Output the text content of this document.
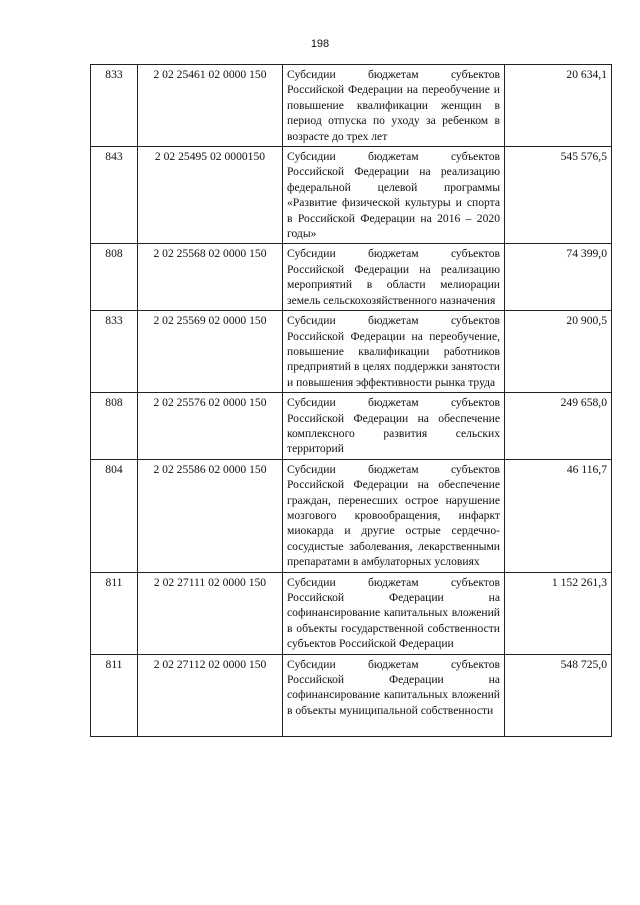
198
833	2 02 25461 02 0000 150	Субсидии бюджетам субъектов Российской Федерации на переобучение и повышение квалификации женщин в период отпуска по уходу за ребенком в возрасте до трех лет	20 634,1
843	2 02 25495 02 0000150	Субсидии бюджетам субъектов Российской Федерации на реализацию федеральной целевой программы «Развитие физической культуры и спорта в Российской Федерации на 2016 – 2020 годы»	545 576,5
808	2 02 25568 02 0000 150	Субсидии бюджетам субъектов Российской Федерации на реализацию мероприятий в области мелиорации земель сельскохозяйственного назначения	74 399,0
833	2 02 25569 02 0000 150	Субсидии бюджетам субъектов Российской Федерации на переобучение, повышение квалификации работников предприятий в целях поддержки занятости и повышения эффективности рынка труда	20 900,5
808	2 02 25576 02 0000 150	Субсидии бюджетам субъектов Российской Федерации на обеспечение комплексного развития сельских территорий	249 658,0
804	2 02 25586 02 0000 150	Субсидии бюджетам субъектов Российской Федерации на обеспечение граждан, перенесших острое нарушение мозгового кровообращения, инфаркт миокарда и другие острые сердечно-сосудистые заболевания, лекарственными препаратами в амбулаторных условиях	46 116,7
811	2 02 27111 02 0000 150	Субсидии бюджетам субъектов Российской Федерации на софинансирование капитальных вложений в объекты государственной собственности субъектов Российской Федерации	1 152 261,3
811	2 02 27112 02 0000 150	Субсидии бюджетам субъектов Российской Федерации на софинансирование капитальных вложений в объекты муниципальной собственности	548 725,0
